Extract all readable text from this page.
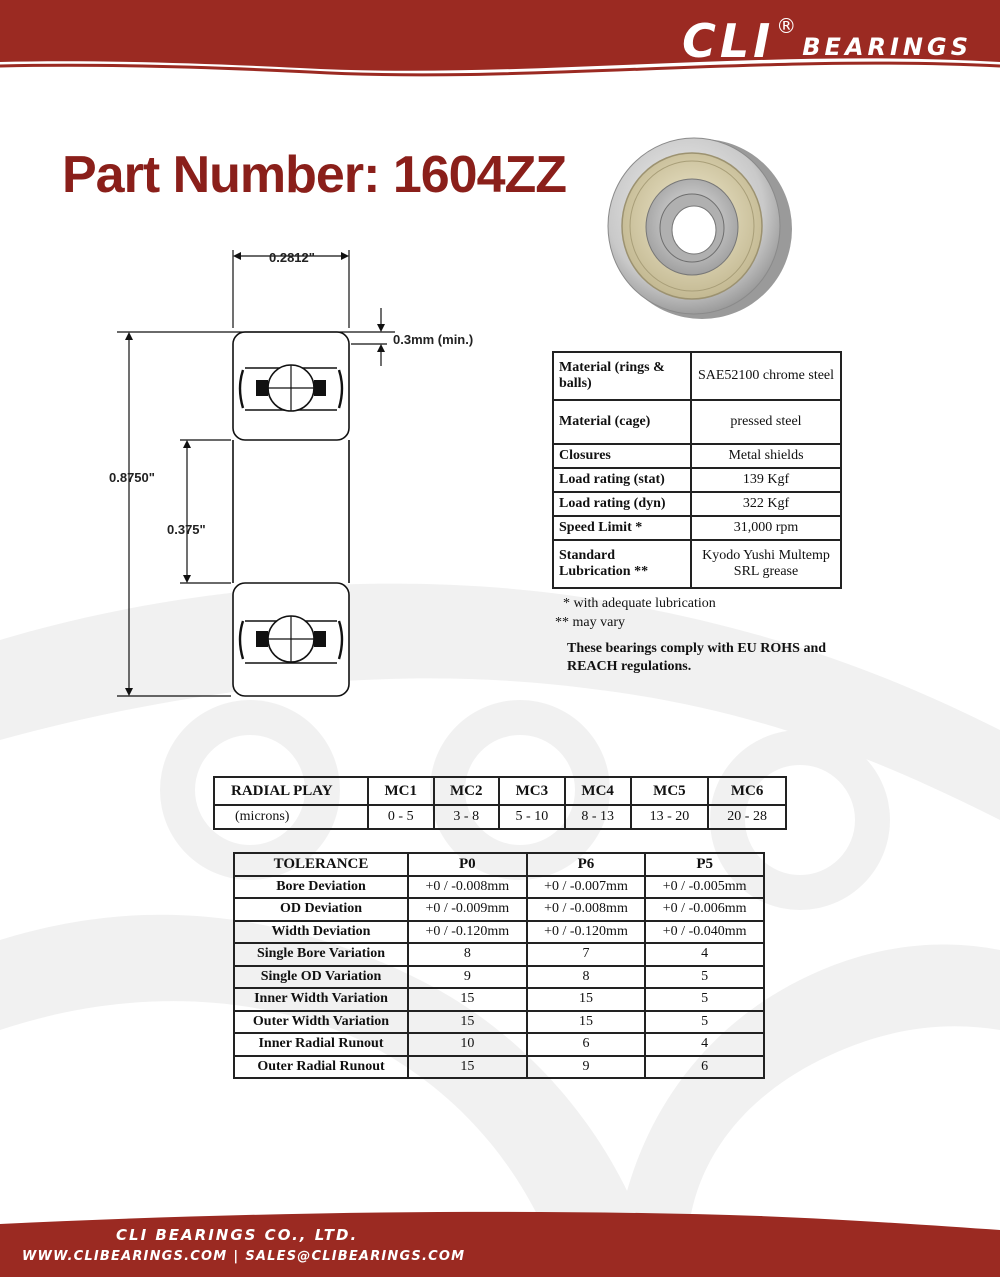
CLI ®
BEARINGS
Part Number: 1604ZZ
0.2812"
0.3mm (min.)
0.8750"
0.375"
Material (rings & balls)	SAE52100 chrome steel
Material (cage)	pressed steel
Closures	Metal shields
Load rating (stat)	139 Kgf
Load rating (dyn)	322 Kgf
Speed Limit *	31,000 rpm
Standard Lubrication **	Kyodo Yushi Multemp SRL grease
* with adequate lubrication
** may vary
These bearings comply with EU ROHS and REACH regulations.
RADIAL PLAY	MC1	MC2	MC3	MC4	MC5	MC6
(microns)	0 - 5	3 - 8	5 - 10	8 - 13	13 - 20	20 - 28
TOLERANCE	P0	P6	P5
Bore Deviation	+0 / -0.008mm	+0 / -0.007mm	+0 / -0.005mm
OD Deviation	+0 / -0.009mm	+0 / -0.008mm	+0 / -0.006mm
Width Deviation	+0 / -0.120mm	+0 / -0.120mm	+0 / -0.040mm
Single Bore Variation	8	7	4
Single OD Variation	9	8	5
Inner Width Variation	15	15	5
Outer Width Variation	15	15	5
Inner Radial Runout	10	6	4
Outer Radial Runout	15	9	6
CLI BEARINGS CO., LTD.
WWW.CLIBEARINGS.COM | SALES@CLIBEARINGS.COM
